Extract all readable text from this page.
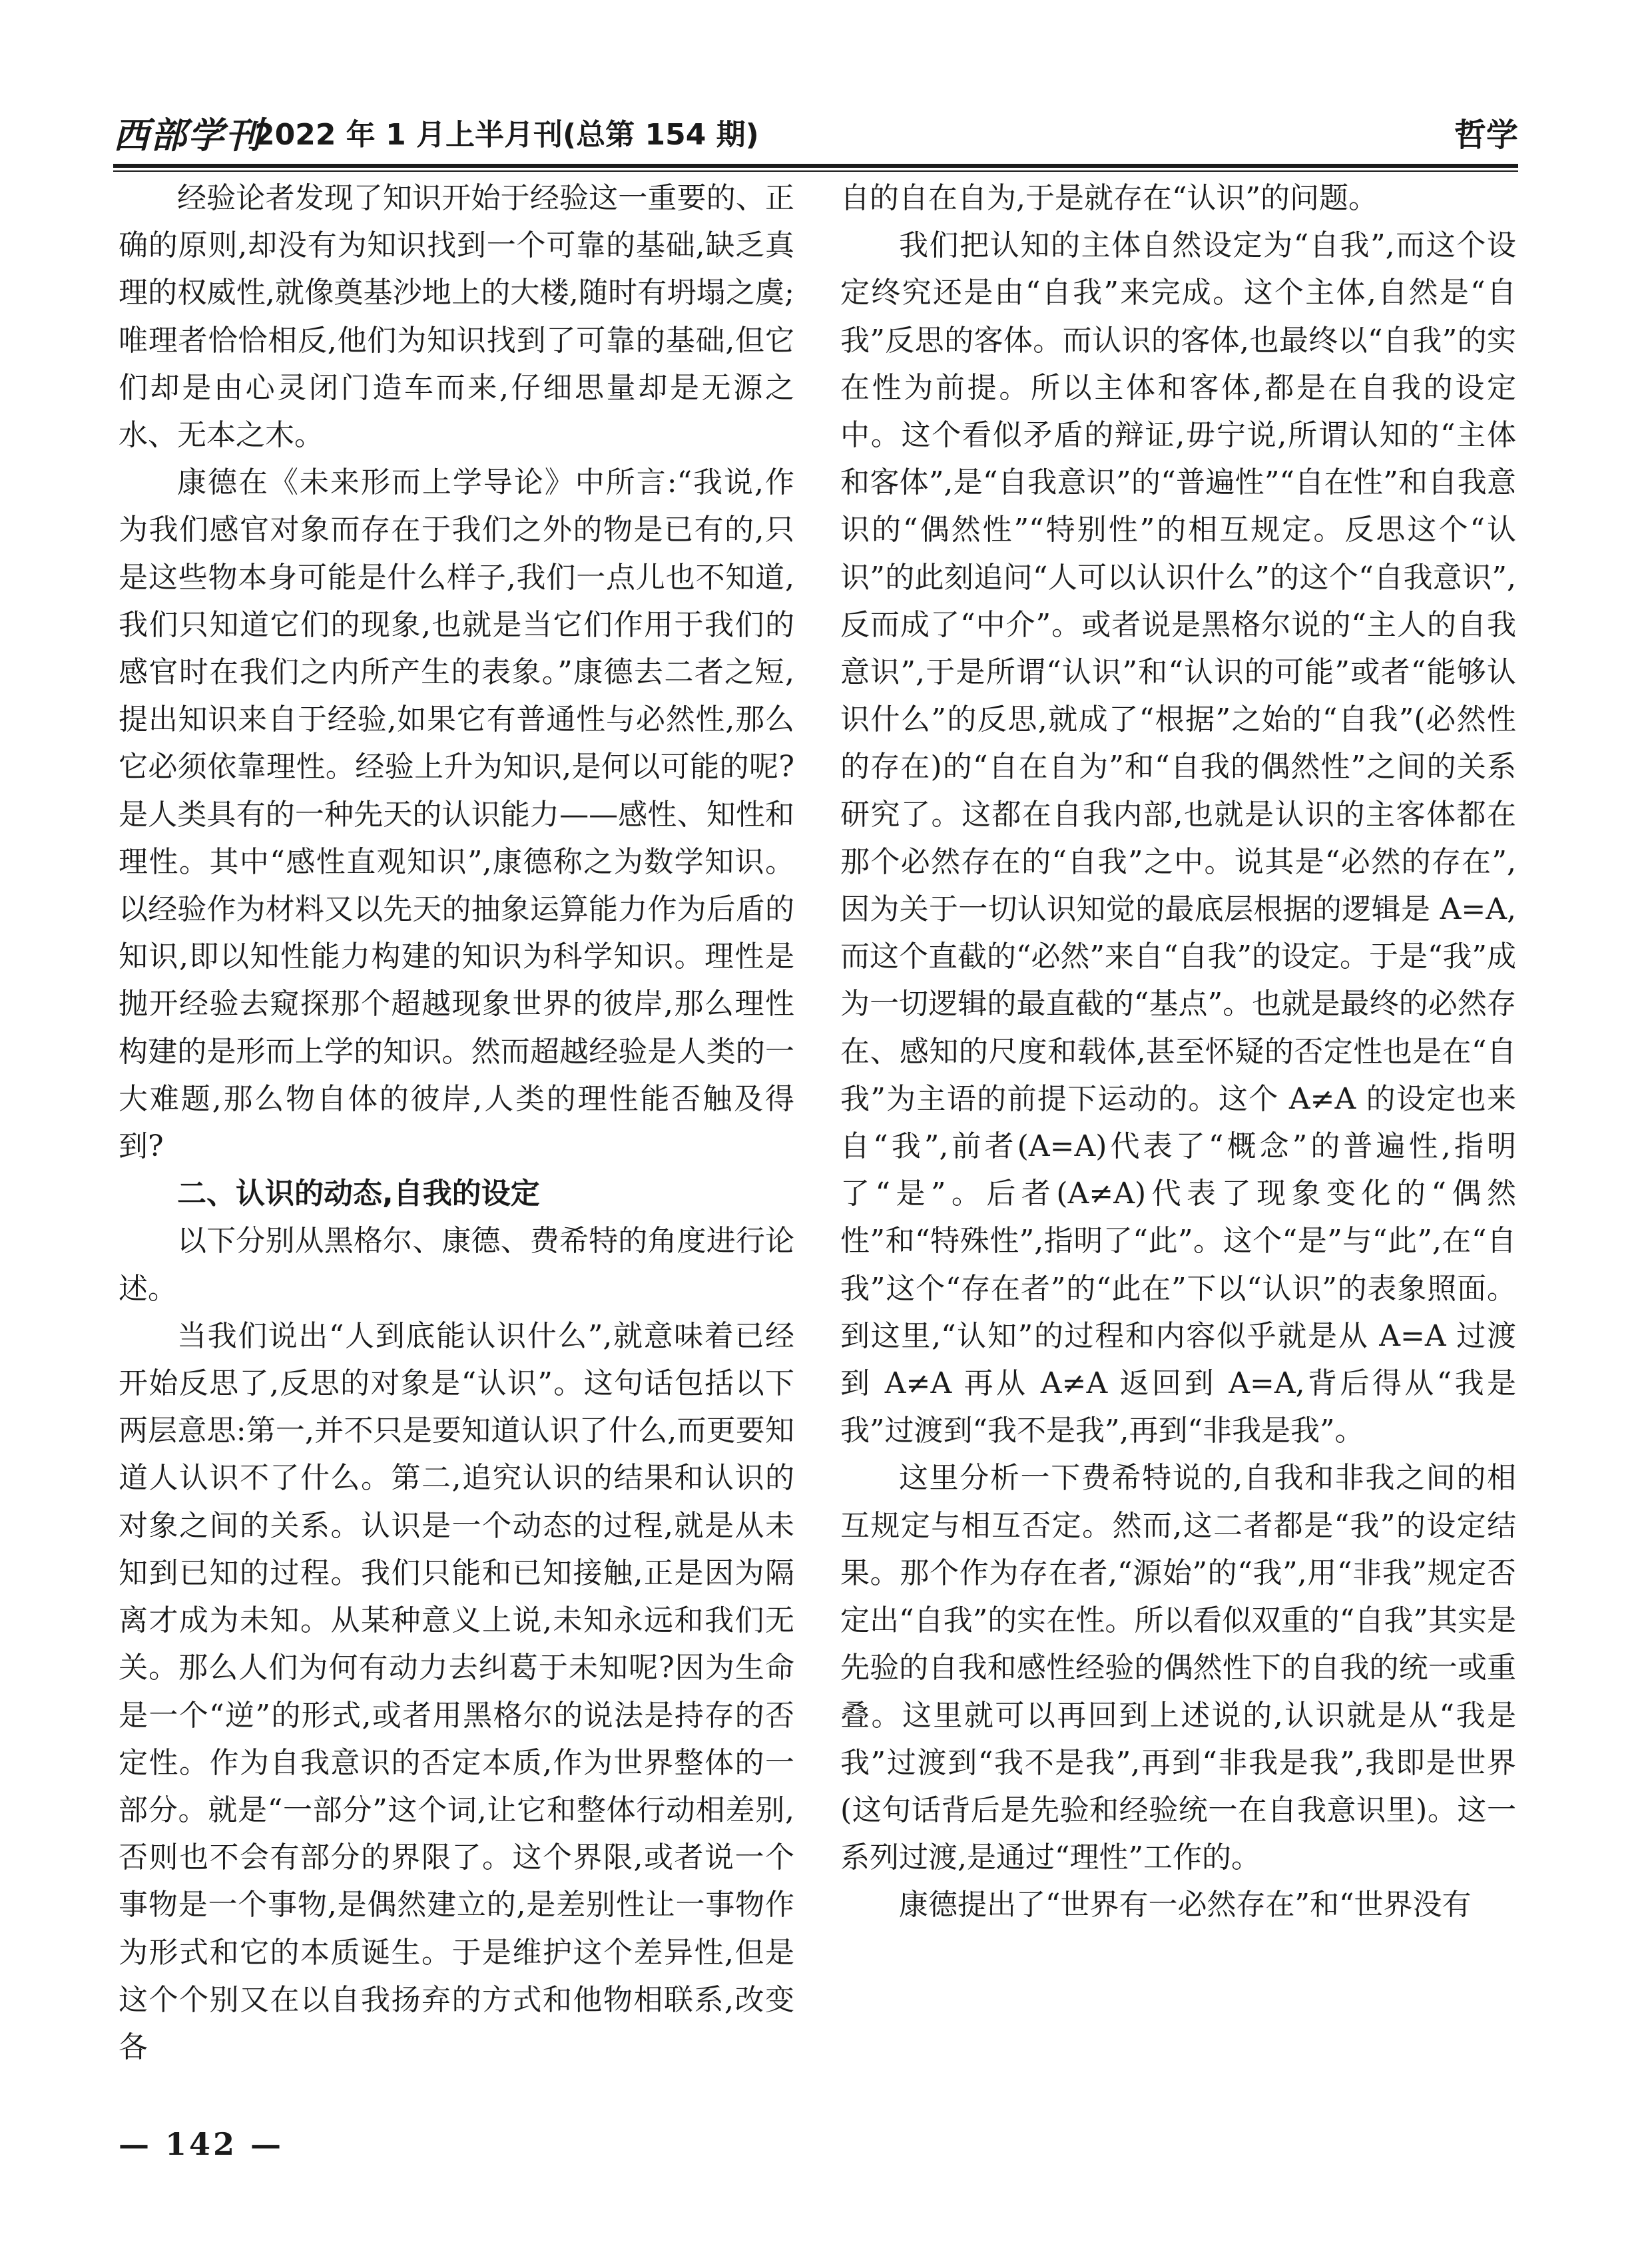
西部学刊
2022 年 1 月上半月刊(总第 154 期)	哲学

经验论者发现了知识开始于经验这一重要的、正确的原则,却没有为知识找到一个可靠的基础,缺乏真理的权威性,就像奠基沙地上的大楼,随时有坍塌之虞;唯理者恰恰相反,他们为知识找到了可靠的基础,但它们却是由心灵闭门造车而来,仔细思量却是无源之水、无本之木。

康德在《未来形而上学导论》中所言:“我说,作为我们感官对象而存在于我们之外的物是已有的,只是这些物本身可能是什么样子,我们一点儿也不知道,我们只知道它们的现象,也就是当它们作用于我们的感官时在我们之内所产生的表象。”康德去二者之短,提出知识来自于经验,如果它有普通性与必然性,那么它必须依靠理性。经验上升为知识,是何以可能的呢?是人类具有的一种先天的认识能力——感性、知性和理性。其中“感性直观知识”,康德称之为数学知识。以经验作为材料又以先天的抽象运算能力作为后盾的知识,即以知性能力构建的知识为科学知识。理性是抛开经验去窥探那个超越现象世界的彼岸,那么理性构建的是形而上学的知识。然而超越经验是人类的一大难题,那么物自体的彼岸,人类的理性能否触及得到?

二、认识的动态,自我的设定

以下分别从黑格尔、康德、费希特的角度进行论述。

当我们说出“人到底能认识什么”,就意味着已经开始反思了,反思的对象是“认识”。这句话包括以下两层意思:第一,并不只是要知道认识了什么,而更要知道人认识不了什么。第二,追究认识的结果和认识的对象之间的关系。认识是一个动态的过程,就是从未知到已知的过程。我们只能和已知接触,正是因为隔离才成为未知。从某种意义上说,未知永远和我们无关。那么人们为何有动力去纠葛于未知呢?因为生命是一个“逆”的形式,或者用黑格尔的说法是持存的否定性。作为自我意识的否定本质,作为世界整体的一部分。就是“一部分”这个词,让它和整体行动相差别,否则也不会有部分的界限了。这个界限,或者说一个事物是一个事物,是偶然建立的,是差别性让一事物作为形式和它的本质诞生。于是维护这个差异性,但是这个个别又在以自我扬弃的方式和他物相联系,改变各

自的自在自为,于是就存在“认识”的问题。

我们把认知的主体自然设定为“自我”,而这个设定终究还是由“自我”来完成。这个主体,自然是“自我”反思的客体。而认识的客体,也最终以“自我”的实在性为前提。所以主体和客体,都是在自我的设定中。这个看似矛盾的辩证,毋宁说,所谓认知的“主体和客体”,是“自我意识”的“普遍性”“自在性”和自我意识的“偶然性”“特别性”的相互规定。反思这个“认识”的此刻追问“人可以认识什么”的这个“自我意识”,反而成了“中介”。或者说是黑格尔说的“主人的自我意识”,于是所谓“认识”和“认识的可能”或者“能够认识什么”的反思,就成了“根据”之始的“自我”(必然性的存在)的“自在自为”和“自我的偶然性”之间的关系研究了。这都在自我内部,也就是认识的主客体都在那个必然存在的“自我”之中。说其是“必然的存在”,因为关于一切认识知觉的最底层根据的逻辑是 A=A,而这个直截的“必然”来自“自我”的设定。于是“我”成为一切逻辑的最直截的“基点”。也就是最终的必然存在、感知的尺度和载体,甚至怀疑的否定性也是在“自我”为主语的前提下运动的。这个 A≠A 的设定也来自“我”,前者(A=A)代表了“概念”的普遍性,指明了“是”。后者(A≠A)代表了现象变化的“偶然性”和“特殊性”,指明了“此”。这个“是”与“此”,在“自我”这个“存在者”的“此在”下以“认识”的表象照面。到这里,“认知”的过程和内容似乎就是从 A=A 过渡到 A≠A 再从 A≠A 返回到 A=A,背后得从“我是我”过渡到“我不是我”,再到“非我是我”。

这里分析一下费希特说的,自我和非我之间的相互规定与相互否定。然而,这二者都是“我”的设定结果。那个作为存在者,“源始”的“我”,用“非我”规定否定出“自我”的实在性。所以看似双重的“自我”其实是先验的自我和感性经验的偶然性下的自我的统一或重叠。这里就可以再回到上述说的,认识就是从“我是我”过渡到“我不是我”,再到“非我是我”,我即是世界(这句话背后是先验和经验统一在自我意识里)。这一系列过渡,是通过“理性”工作的。

康德提出了“世界有一必然存在”和“世界没有

— 142 —
